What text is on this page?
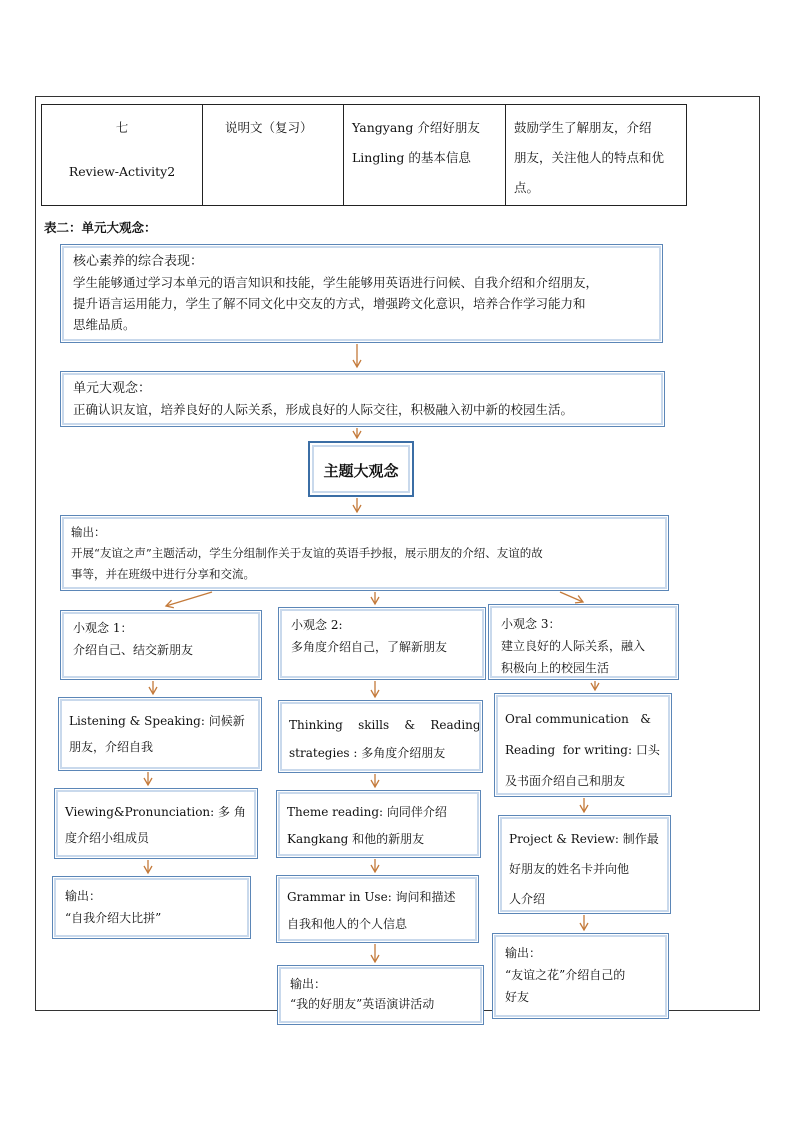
七
Review-Activity2
说明文（复习）	Yangyang 介绍好朋友
Lingling 的基本信息
鼓励学生了解朋友，介绍
朋友，关注他人的特点和优
点。
表二：单元大观念：
核心素养的综合表现：
学生能够通过学习本单元的语言知识和技能，学生能够用英语进行问候、自我介绍和介绍朋友，
提升语言运用能力，学生了解不同文化中交友的方式，增强跨文化意识，培养合作学习能力和
思维品质。
单元大观念：
正确认识友谊，培养良好的人际关系，形成良好的人际交往，积极融入初中新的校园生活。
主题大观念
输出：
开展“友谊之声”主题活动，学生分组制作关于友谊的英语手抄报，展示朋友的介绍、友谊的故
事等，并在班级中进行分享和交流。
小观念 1：
介绍自己、结交新朋友
Listening & Speaking: 问候新
朋友，介绍自我
Viewing&Pronunciation: 多 角
度介绍小组成员
输出：
“自我介绍大比拼”
小观念 2:
多角度介绍自己，了解新朋友
Thinking    skills    &    Reading
strategies : 多角度介绍朋友
Theme reading: 向同伴介绍
Kangkang 和他的新朋友
Grammar in Use: 询问和描述
自我和他人的个人信息
输出：
“我的好朋友”英语演讲活动
小观念 3：
建立良好的人际关系，融入
积极向上的校园生活
Oral communication   &
Reading  for writing: 口头
及书面介绍自己和朋友
Project & Review: 制作最
好朋友的姓名卡并向他
人介绍
输出：
“友谊之花”介绍自己的
好友
